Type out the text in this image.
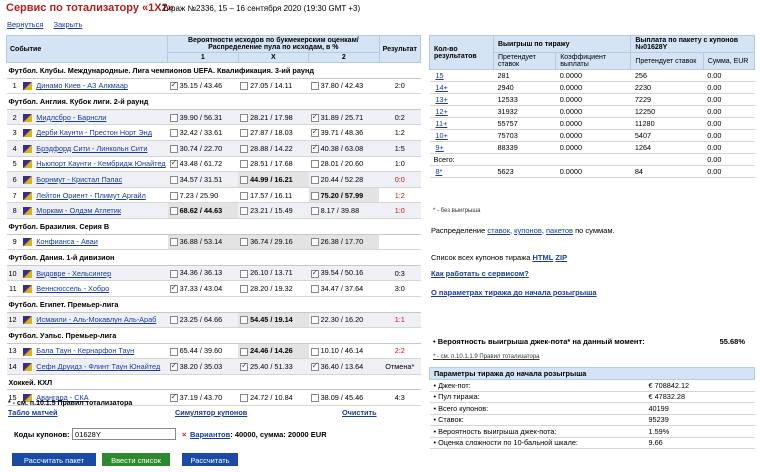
Сервис по тотализатору «1X2»
Тираж №2336, 15 – 16 сентября 2020 (19:30 GMT +3)
Вернуться Закрыть
Событие			Вероятности исходов по букмекерским оценкам/ Распределение пула по исходам, в %			Результат
			1	X	2	
Футбол. Клубы. Международные. Лига чемпионов UEFA. Квалификация. 3-ий раунд						
1		Динамо Киев - АЗ Алкмаар	✓35.15 / 43.46	27.05 / 14.11	37.80 / 42.43	2:0
Футбол. Англия. Кубок лиги. 2-й раунд						
2		Мидлсбро - Барнсли	39.90 / 56.31	28.21 / 17.98	✓31.89 / 25.71	0:2
3		Дерби Каунти - Престон Норт Энд	32.42 / 33.61	27.87 / 18.03	✓39.71 / 48.36	1:2
4		Брэдфорд Сити - Линкольн Сити	30.74 / 22.70	28.88 / 14.22	✓40.38 / 63.08	1:5
5		Ньюпорт Каунти - Кембридж Юнайтед	✓43.48 / 61.72	28.51 / 17.68	28.01 / 20.60	1:0
6		Борнмут - Кристал Пэлас	34.57 / 31.51	44.99 / 16.21	20.44 / 52.28	0:0
7		Лейтон Ориент - Плимут Аргайл	7.23 / 25.90	17.57 / 16.11	75.20 / 57.99	1:2
8		Моркам - Олдэм Атлетик	68.62 / 44.63	23.21 / 15.49	8.17 / 39.88	1:0
Футбол. Бразилия. Серия B						
9		Конфианса - Аваи	36.88 / 53.14	36.74 / 29.16	26.38 / 17.70	
Футбол. Дания. 1-й дивизион						
10		Видовре - Хельсингер	34.36 / 36.13	26.10 / 13.71	✓39.54 / 50.16	0:3
11		Веннсюссель - Хобро	✓37.33 / 43.04	28.20 / 19.32	34.47 / 37.64	3:0
Футбол. Египет. Премьер-лига						
12		Исмаили - Аль-Мокавлун Аль-Араб	23.25 / 64.66	54.45 / 19.14	22.30 / 16.20	1:1
Футбол. Уэльс. Премьер-лига						
13		Бала Таун - Кернарфон Таун	65.44 / 39.60	24.46 / 14.26	10.10 / 46.14	2:2
14		Сефн Друидз - Флинт Таун Юнайтед	✓38.20 / 35.03	✓25.40 / 51.33	✓36.40 / 13.64	Отмена*
Хоккей. КХЛ						
15		Авангард - СКА	✓37.19 / 43.70	24.72 / 10.84	38.09 / 45.46	4:3
* - см. п.10.1.5 Правил тотализатора
Таблo матчей	Симулятор купонов	Очистить
Коды купонов:
01628Y	× Вариантов: 40000, сумма: 20000 EUR
Рассчитать пакет	Ввести список	Рассчитать
Кол-во результатов	Выигрыш по тиражу		Выплата по пакету с купонов №01628Y	
	Претендует ставок	Коэффициент выплаты	Претендует ставок	Сумма, EUR
15	281	0.0000	256	0.00
14+	2940	0.0000	2230	0.00
13+	12533	0.0000	7229	0.00
12+	31932	0.0000	12250	0.00
11+	55757	0.0000	11280	0.00
10+	75703	0.0000	5407	0.00
9+	88339	0.0000	1264	0.00
Всего:				0.00
8*	5623	0.0000	84	0.00
* - без выигрыша
Распределение ставок, купонов, пакетов по суммам.
Список всех купонов тиража HTML ZIP
Как работать с сервисом?
О параметрах тиража до начала розыгрыша
• Вероятность выигрыша джек-пота* на данный момент:	55.68%
* - см. п.10.1.1.9 Правил тотализатора
Параметры тиража до начала розыгрыша	
• Джек-пот:	€ 708842.12
• Пул тиража:	€ 47832.28
• Всего купонов:	40199
• Ставок:	95239
• Вероятность выигрыша джек-пота:	1.59%
• Оценка сложности по 10-бальной шкале:	9.66
